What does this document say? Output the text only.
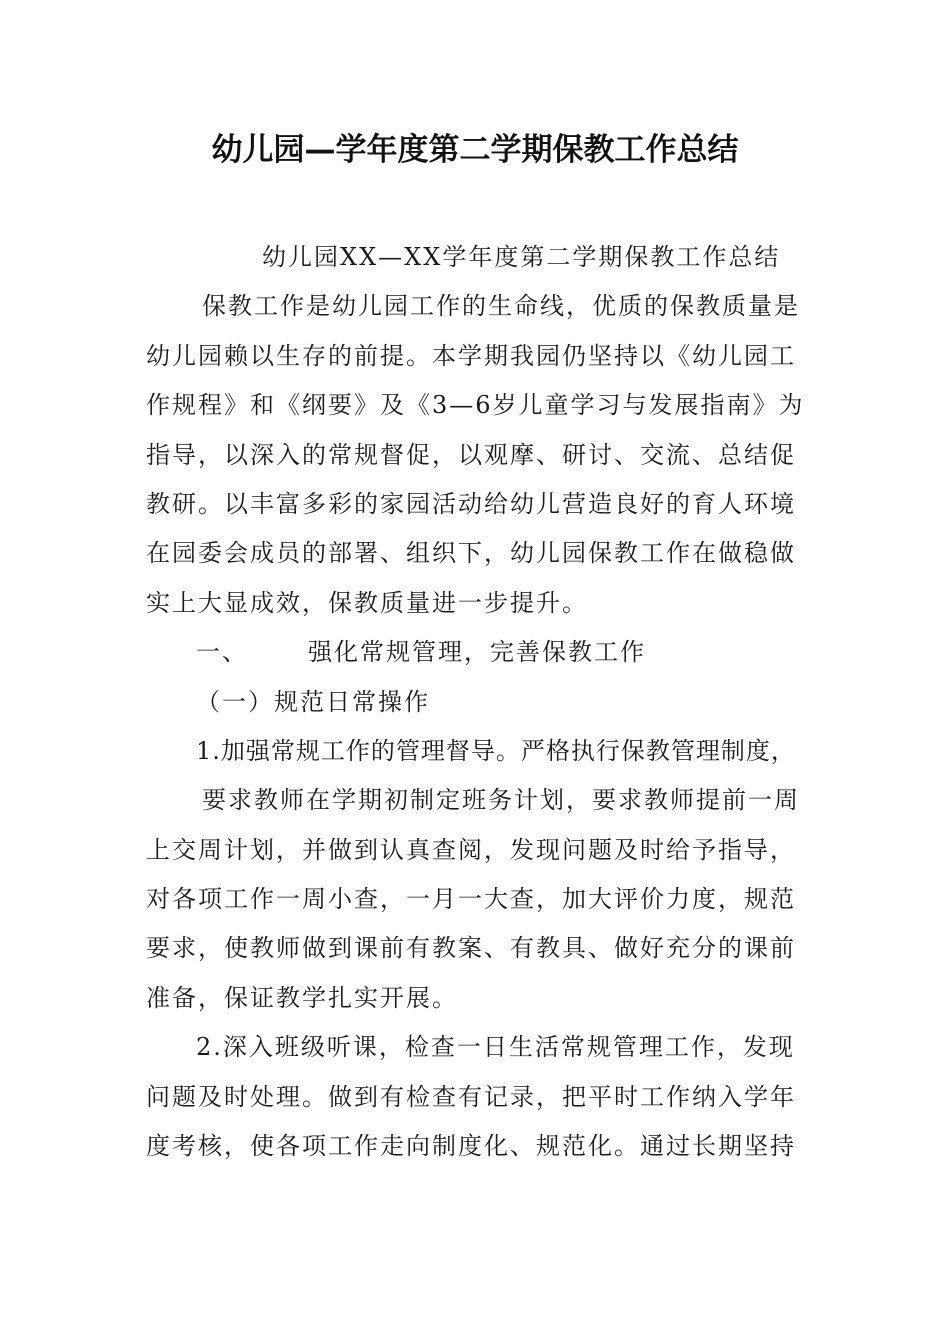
幼儿园—学年度第二学期保教工作总结
幼儿园XX—XX学年度第二学期保教工作总结
保教工作是幼儿园工作的生命线，优质的保教质量是
幼儿园赖以生存的前提。本学期我园仍坚持以《幼儿园工
作规程》和《纲要》及《3—6岁儿童学习与发展指南》为
指导，以深入的常规督促，以观摩、研讨、交流、总结促
教研。以丰富多彩的家园活动给幼儿营造良好的育人环境
在园委会成员的部署、组织下，幼儿园保教工作在做稳做
实上大显成效，保教质量进一步提升。
一、	强化常规管理，完善保教工作
（一）规范日常操作
1.加强常规工作的管理督导。严格执行保教管理制度，
要求教师在学期初制定班务计划，要求教师提前一周
上交周计划，并做到认真查阅，发现问题及时给予指导，
对各项工作一周小查，一月一大查，加大评价力度，规范
要求，使教师做到课前有教案、有教具、做好充分的课前
准备，保证教学扎实开展。
2.深入班级听课，检查一日生活常规管理工作，发现
问题及时处理。做到有检查有记录，把平时工作纳入学年
度考核，使各项工作走向制度化、规范化。通过长期坚持
